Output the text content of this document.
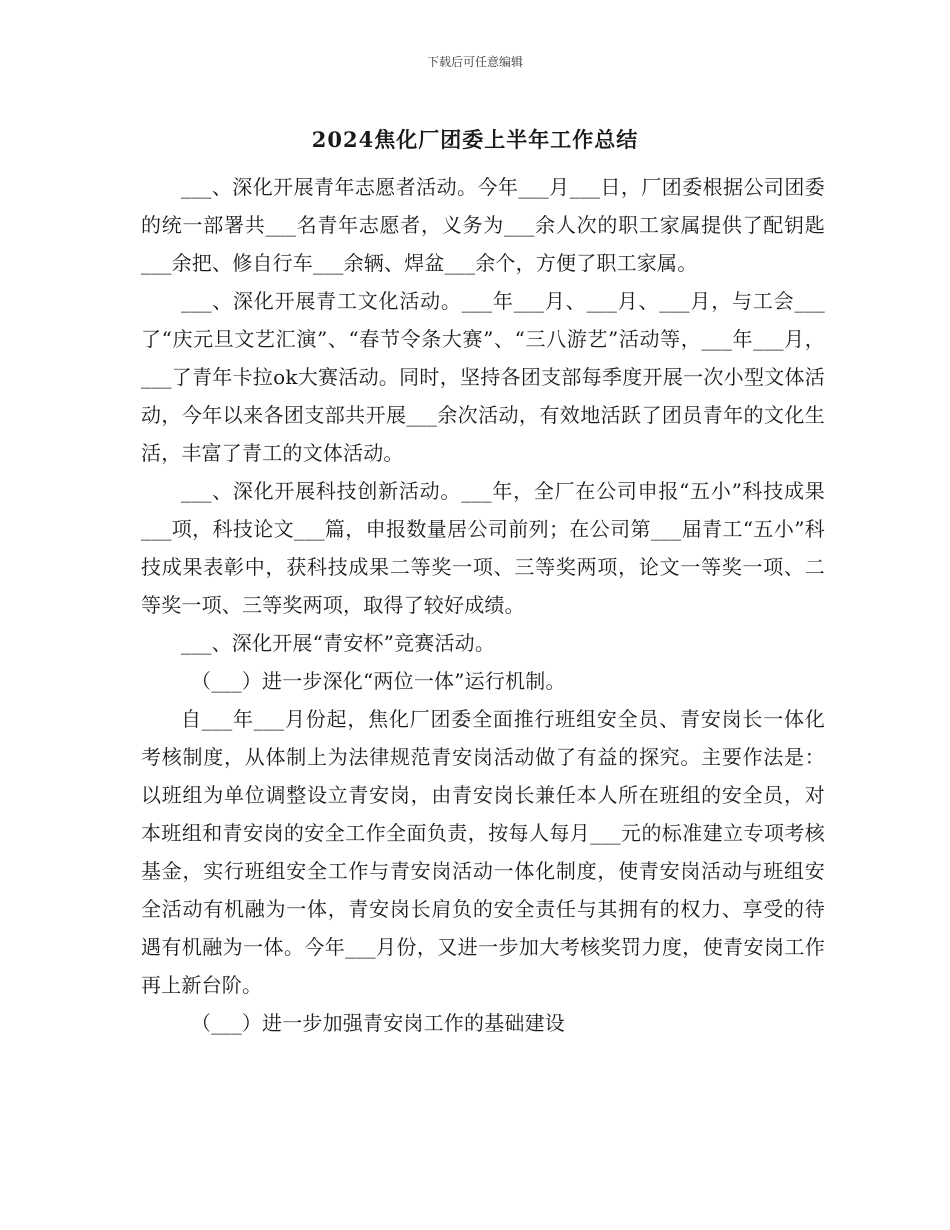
下载后可任意编辑
2024焦化厂团委上半年工作总结

___、深化开展青年志愿者活动。今年___月___日，厂团委根据公司团委的统一部署共___名青年志愿者，义务为___余人次的职工家属提供了配钥匙___余把、修自行车___余辆、焊盆___余个，方便了职工家属。

___、深化开展青工文化活动。___年___月、___月、___月，与工会___了“庆元旦文艺汇演”、“春节令条大赛”、“三八游艺”活动等，___年___月，___了青年卡拉ok大赛活动。同时，坚持各团支部每季度开展一次小型文体活动，今年以来各团支部共开展___余次活动，有效地活跃了团员青年的文化生活，丰富了青工的文体活动。

___、深化开展科技创新活动。___年，全厂在公司申报“五小”科技成果___项，科技论文___篇，申报数量居公司前列；在公司第___届青工“五小”科技成果表彰中，获科技成果二等奖一项、三等奖两项，论文一等奖一项、二等奖一项、三等奖两项，取得了较好成绩。

___、深化开展“青安杯”竞赛活动。

（___）进一步深化“两位一体”运行机制。

自___年___月份起，焦化厂团委全面推行班组安全员、青安岗长一体化考核制度，从体制上为法律规范青安岗活动做了有益的探究。主要作法是：以班组为单位调整设立青安岗，由青安岗长兼任本人所在班组的安全员，对本班组和青安岗的安全工作全面负责，按每人每月___元的标准建立专项考核基金，实行班组安全工作与青安岗活动一体化制度，使青安岗活动与班组安全活动有机融为一体，青安岗长肩负的安全责任与其拥有的权力、享受的待遇有机融为一体。今年___月份，又进一步加大考核奖罚力度，使青安岗工作再上新台阶。

（___）进一步加强青安岗工作的基础建设
